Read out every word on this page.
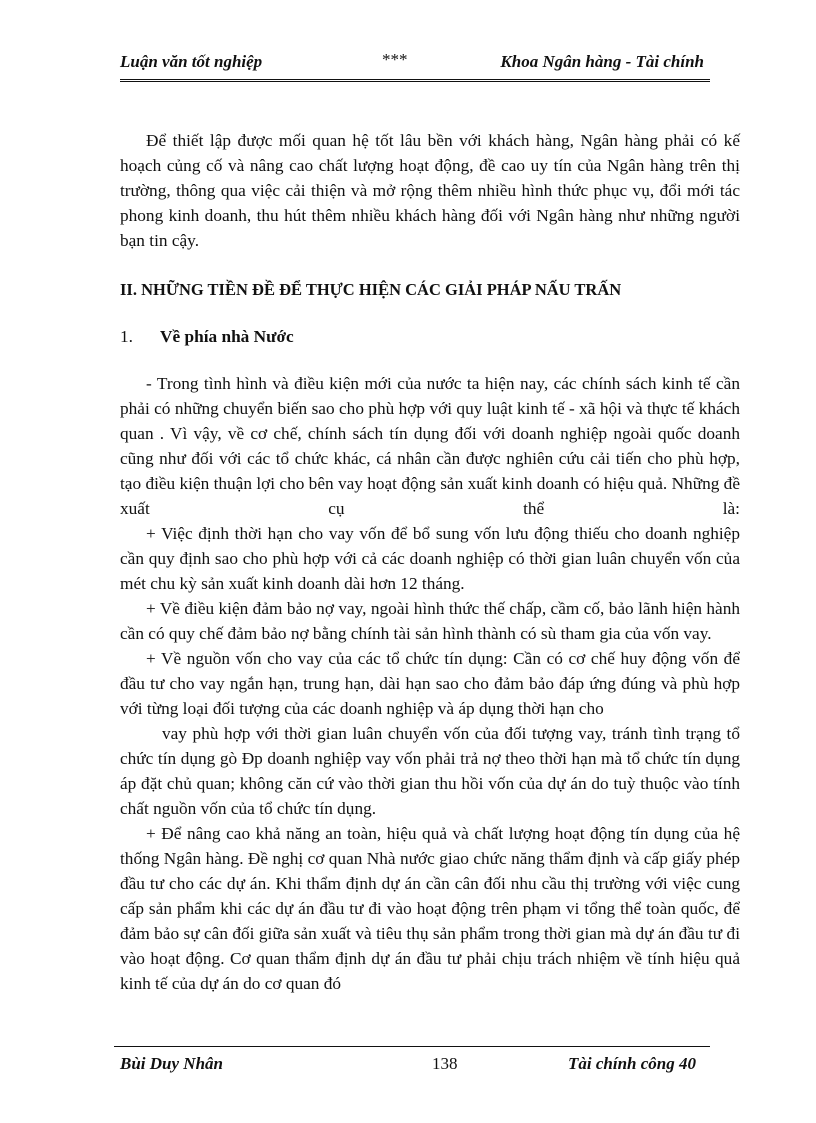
Luận văn tốt nghiệp	***	Khoa Ngân hàng - Tài chính

Để thiết lập được mối quan hệ tốt lâu bền với khách hàng, Ngân hàng phải có kế hoạch củng cố và nâng cao chất lượng hoạt động, đề cao uy tín của Ngân hàng trên thị trường, thông qua việc cải thiện và mở rộng thêm nhiều hình thức phục vụ, đổi mới tác phong kinh doanh, thu hút thêm nhiều khách hàng đối với Ngân hàng như những người bạn tin cậy.

II. NHỮNG TIỀN ĐỀ ĐỂ THỰC HIỆN CÁC GIẢI PHÁP NẤU TRẤN

1. Về phía nhà Nước

- Trong tình hình và điều kiện mới của nước ta hiện nay, các chính sách kinh tế cần phải có những chuyển biến sao cho phù hợp với quy luật kinh tế - xã hội và thực tế khách quan . Vì vậy, về cơ chế, chính sách tín dụng đối với doanh nghiệp ngoài quốc doanh cũng như đối với các tổ chức khác, cá nhân cần được nghiên cứu cải tiến cho phù hợp, tạo điều kiện thuận lợi cho bên vay hoạt động sản xuất kinh doanh có hiệu quả. Những đề xuất cụ thể là:

+ Việc định thời hạn cho vay vốn để bổ sung vốn lưu động thiếu cho doanh nghiệp cần quy định sao cho phù hợp với cả các doanh nghiệp có thời gian luân chuyển vốn của mét chu kỳ sản xuất kinh doanh dài hơn 12 tháng.

+ Về điều kiện đảm bảo nợ vay, ngoài hình thức thế chấp, cầm cố, bảo lãnh hiện hành cần có quy chế đảm bảo nợ bằng chính tài sản hình thành có sù tham gia của vốn vay.

+ Về nguồn vốn cho vay của các tổ chức tín dụng: Cần có cơ chế huy động vốn để đầu tư cho vay ngắn hạn, trung hạn, dài hạn sao cho đảm bảo đáp ứng đúng và phù hợp với từng loại đối tượng của các doanh nghiệp và áp dụng thời hạn cho

vay phù hợp với thời gian luân chuyển vốn của đối tượng vay, tránh tình trạng tổ chức tín dụng gò Đp doanh nghiệp vay vốn phải trả nợ theo thời hạn mà tổ chức tín dụng áp đặt chủ quan; không căn cứ vào thời gian thu hồi vốn của dự án do tuỳ thuộc vào tính chất nguồn vốn của tổ chức tín dụng.

+ Để nâng cao khả năng an toàn, hiệu quả và chất lượng hoạt động tín dụng của hệ thống Ngân hàng. Đề nghị cơ quan Nhà nước giao chức năng thẩm định và cấp giấy phép đầu tư cho các dự án. Khi thẩm định dự án cần cân đối nhu cầu thị trường với việc cung cấp sản phẩm khi các dự án đầu tư đi vào hoạt động trên phạm vi tổng thể toàn quốc, để đảm bảo sự cân đối giữa sản xuất và tiêu thụ sản phẩm trong thời gian mà dự án đầu tư đi vào hoạt động. Cơ quan thẩm định dự án đầu tư phải chịu trách nhiệm về tính hiệu quả kinh tế của dự án do cơ quan đó

Bùi Duy Nhân	138	Tài chính công 40
